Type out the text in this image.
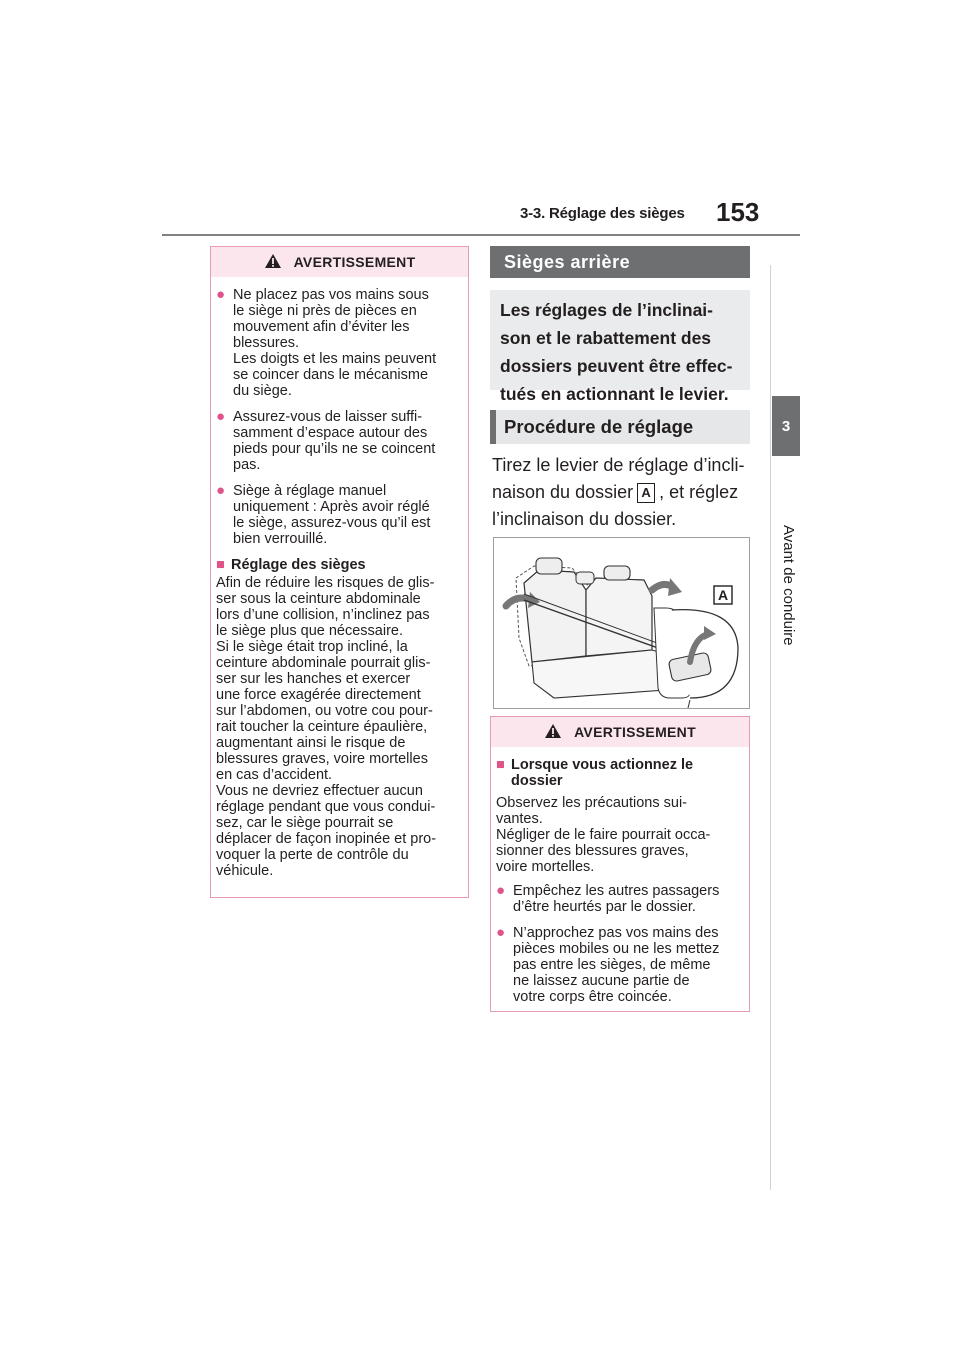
3-3. Réglage des sièges 153
3
Avant de conduire
AVERTISSEMENT
● Ne placez pas vos mains sous
le siège ni près de pièces en
mouvement afin d’éviter les
blessures.
Les doigts et les mains peuvent
se coincer dans le mécanisme
du siège.
● Assurez-vous de laisser suffi-
samment d’espace autour des
pieds pour qu’ils ne se coincent
pas.
● Siège à réglage manuel
uniquement : Après avoir réglé
le siège, assurez-vous qu’il est
bien verrouillé.
■ Réglage des sièges
Afin de réduire les risques de glis-
ser sous la ceinture abdominale
lors d’une collision, n’inclinez pas
le siège plus que nécessaire.
Si le siège était trop incliné, la
ceinture abdominale pourrait glis-
ser sur les hanches et exercer
une force exagérée directement
sur l’abdomen, ou votre cou pour-
rait toucher la ceinture épaulière,
augmentant ainsi le risque de
blessures graves, voire mortelles
en cas d’accident.
Vous ne devriez effectuer aucun
réglage pendant que vous condui-
sez, car le siège pourrait se
déplacer de façon inopinée et pro-
voquer la perte de contrôle du
véhicule.
Sièges arrière
Les réglages de l’inclinai-
son et le rabattement des
dossiers peuvent être effec-
tués en actionnant le levier.
Procédure de réglage
Tirez le levier de réglage d’incli-
naison du dossier A , et réglez
l’inclinaison du dossier.
A
AVERTISSEMENT
■ Lorsque vous actionnez le
dossier
Observez les précautions sui-
vantes.
Négliger de le faire pourrait occa-
sionner des blessures graves,
voire mortelles.
● Empêchez les autres passagers
d’être heurtés par le dossier.
● N’approchez pas vos mains des
pièces mobiles ou ne les mettez
pas entre les sièges, de même
ne laissez aucune partie de
votre corps être coincée.
